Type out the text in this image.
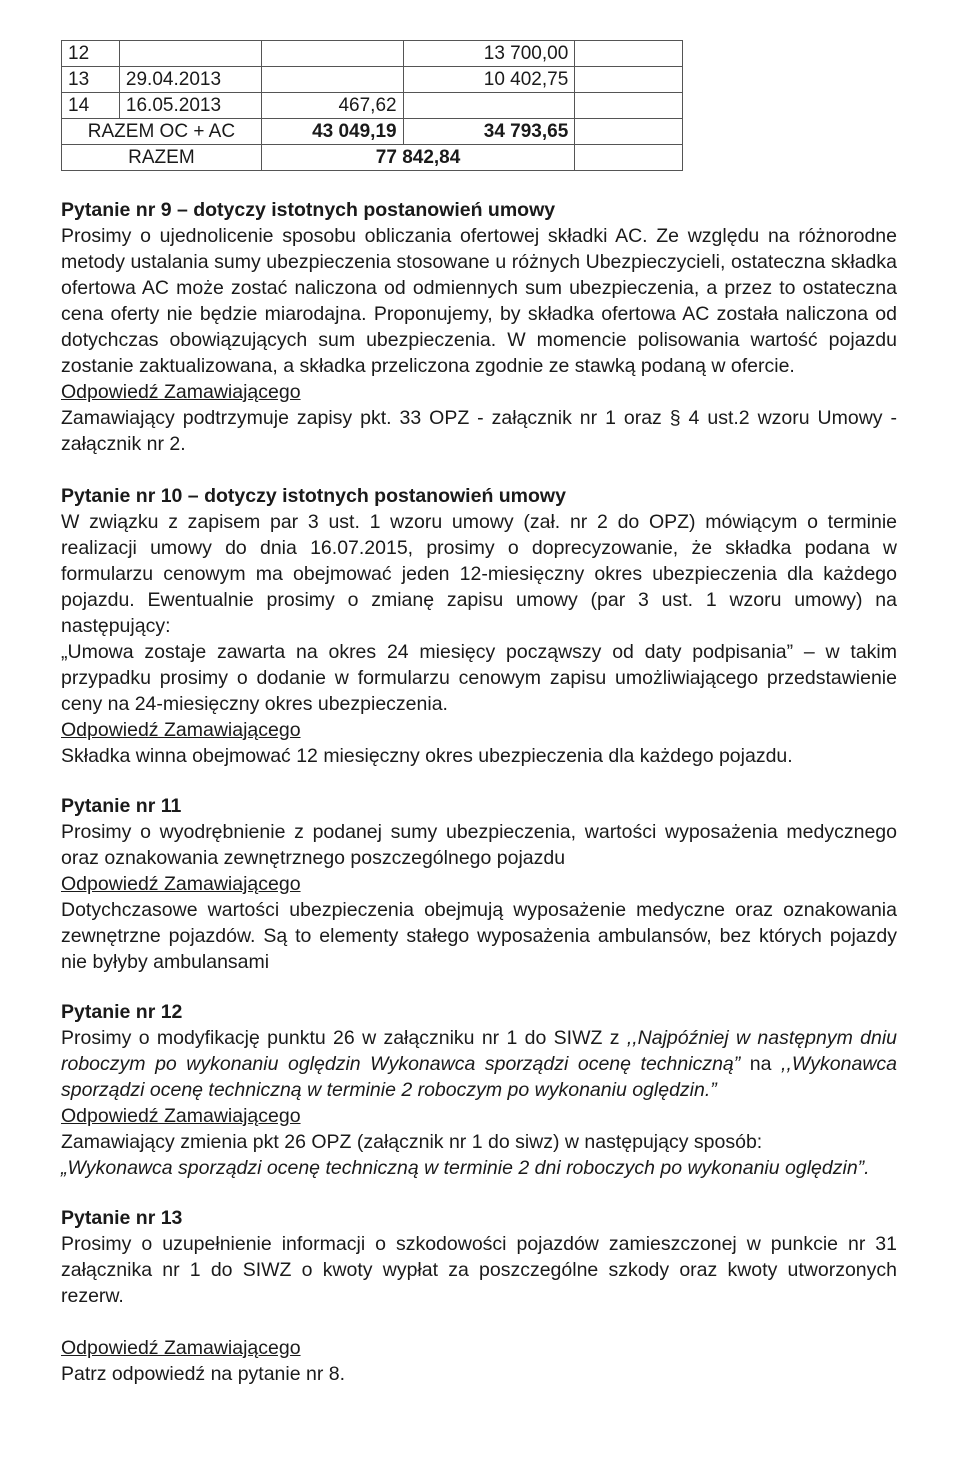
12			13 700,00	
13	29.04.2013		10 402,75	
14	16.05.2013	467,62		
RAZEM OC + AC		43 049,19	34 793,65	
RAZEM		77 842,84		
Pytanie nr 9 – dotyczy istotnych postanowień umowy
Prosimy o ujednolicenie sposobu obliczania ofertowej składki AC. Ze względu na różnorodne metody ustalania sumy ubezpieczenia stosowane u różnych Ubezpieczycieli, ostateczna składka ofertowa AC może zostać naliczona od odmiennych sum ubezpieczenia, a przez to ostateczna cena oferty nie będzie miarodajna. Proponujemy, by składka ofertowa AC została naliczona od dotychczas obowiązujących sum ubezpieczenia. W momencie polisowania wartość pojazdu zostanie zaktualizowana, a składka przeliczona zgodnie ze stawką podaną w ofercie.
Odpowiedź Zamawiającego
Zamawiający podtrzymuje zapisy pkt. 33 OPZ - załącznik nr 1 oraz § 4 ust.2 wzoru Umowy - załącznik nr 2.
Pytanie nr 10 – dotyczy istotnych postanowień umowy
W związku z zapisem par 3 ust. 1 wzoru umowy (zał. nr 2 do OPZ) mówiącym o terminie realizacji umowy do dnia 16.07.2015, prosimy o doprecyzowanie, że składka podana w formularzu cenowym ma obejmować jeden 12-miesięczny okres ubezpieczenia dla każdego pojazdu. Ewentualnie prosimy o zmianę zapisu umowy (par 3 ust. 1 wzoru umowy) na następujący:
„Umowa zostaje zawarta na okres 24 miesięcy począwszy od daty podpisania” – w takim przypadku prosimy o dodanie w formularzu cenowym zapisu umożliwiającego przedstawienie ceny na 24-miesięczny okres ubezpieczenia.
Odpowiedź Zamawiającego
Składka winna obejmować 12 miesięczny okres ubezpieczenia dla każdego pojazdu.
Pytanie nr 11
Prosimy o wyodrębnienie z podanej sumy ubezpieczenia, wartości wyposażenia medycznego oraz oznakowania zewnętrznego poszczególnego pojazdu
Odpowiedź Zamawiającego
Dotychczasowe wartości ubezpieczenia obejmują wyposażenie medyczne oraz oznakowania zewnętrzne pojazdów. Są to elementy stałego wyposażenia ambulansów, bez których pojazdy nie byłyby ambulansami
Pytanie nr 12
Prosimy o modyfikację punktu 26 w załączniku nr 1 do SIWZ z ,,Najpóźniej w następnym dniu roboczym po wykonaniu oględzin Wykonawca sporządzi ocenę techniczną” na ,,Wykonawca sporządzi ocenę techniczną w terminie 2 roboczym po wykonaniu oględzin.”
Odpowiedź Zamawiającego
Zamawiający zmienia pkt 26 OPZ (załącznik nr 1 do siwz) w następujący sposób:
„Wykonawca sporządzi ocenę techniczną w terminie 2 dni roboczych po wykonaniu oględzin”.
Pytanie nr 13
Prosimy o uzupełnienie informacji o szkodowości pojazdów zamieszczonej w punkcie nr 31 załącznika nr 1 do SIWZ o kwoty wypłat za poszczególne szkody oraz kwoty utworzonych rezerw.
Odpowiedź Zamawiającego
Patrz odpowiedź na pytanie nr 8.
